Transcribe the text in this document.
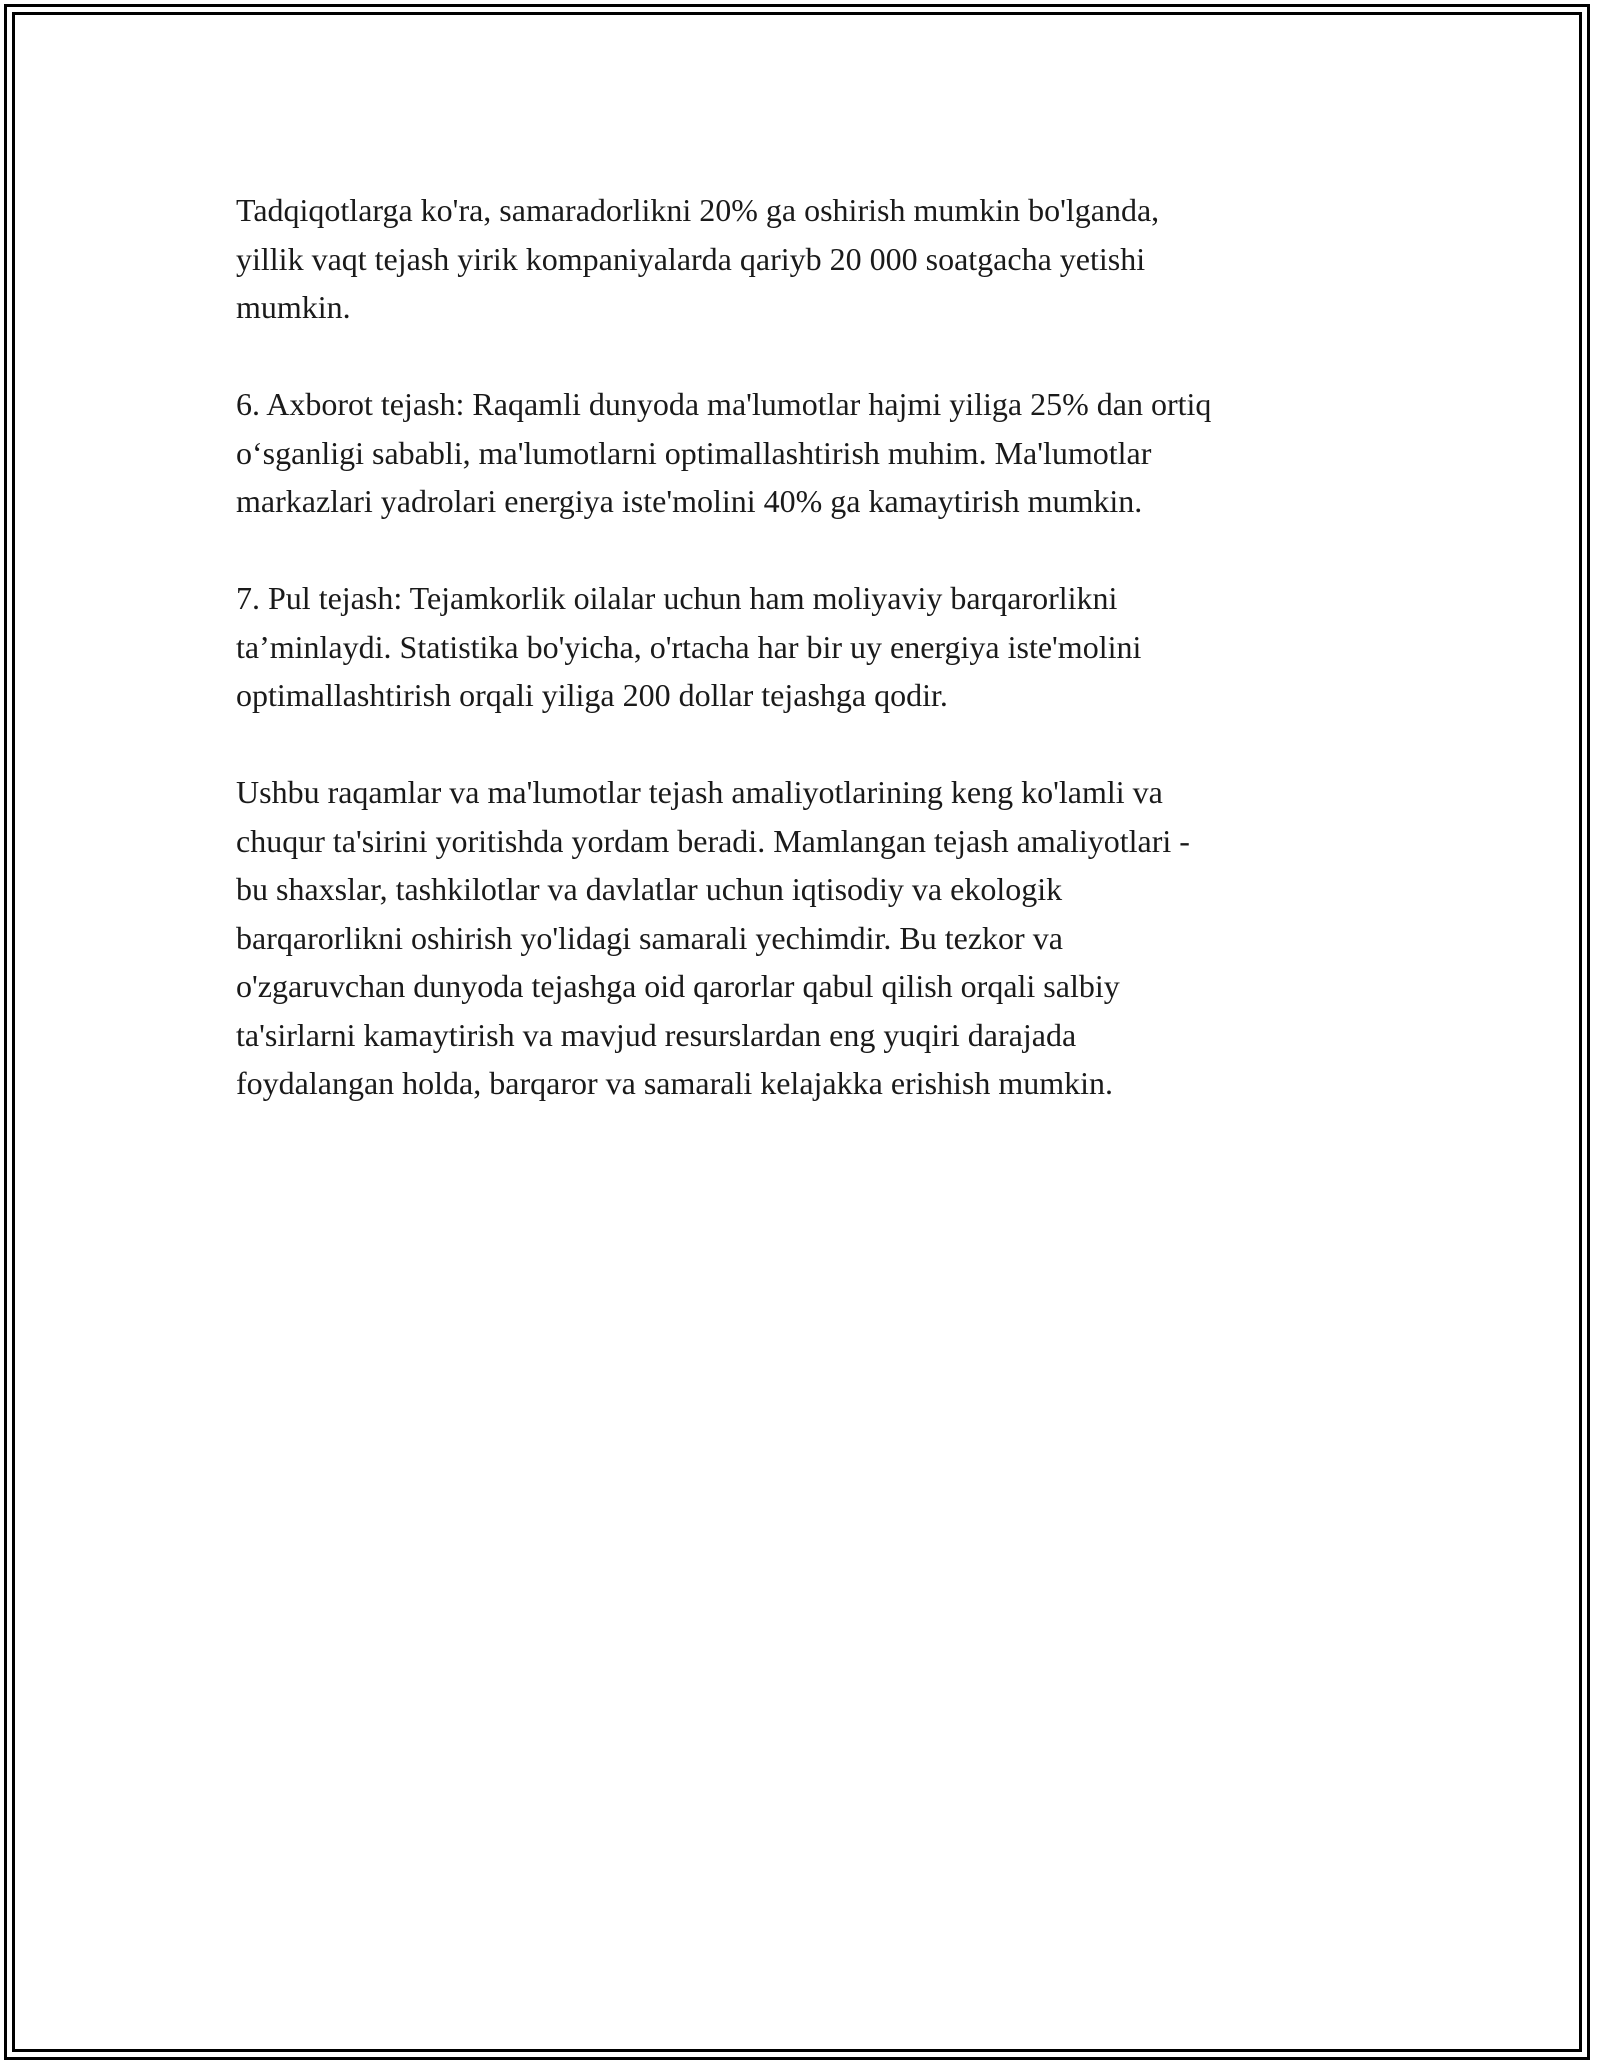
Tadqiqotlarga ko'ra, samaradorlikni 20% ga oshirish mumkin bo'lganda,
yillik vaqt tejash yirik kompaniyalarda qariyb 20 000 soatgacha yetishi
mumkin.

6. Axborot tejash: Raqamli dunyoda ma'lumotlar hajmi yiliga 25% dan ortiq
o‘sganligi sababli, ma'lumotlarni optimallashtirish muhim. Ma'lumotlar
markazlari yadrolari energiya iste'molini 40% ga kamaytirish mumkin.

7. Pul tejash: Tejamkorlik oilalar uchun ham moliyaviy barqarorlikni
ta’minlaydi. Statistika bo'yicha, o'rtacha har bir uy energiya iste'molini
optimallashtirish orqali yiliga 200 dollar tejashga qodir.

Ushbu raqamlar va ma'lumotlar tejash amaliyotlarining keng ko'lamli va
chuqur ta'sirini yoritishda yordam beradi. Mamlangan tejash amaliyotlari -
bu shaxslar, tashkilotlar va davlatlar uchun iqtisodiy va ekologik
barqarorlikni oshirish yo'lidagi samarali yechimdir. Bu tezkor va
o'zgaruvchan dunyoda tejashga oid qarorlar qabul qilish orqali salbiy
ta'sirlarni kamaytirish va mavjud resurslardan eng yuqiri darajada
foydalangan holda, barqaror va samarali kelajakka erishish mumkin.
